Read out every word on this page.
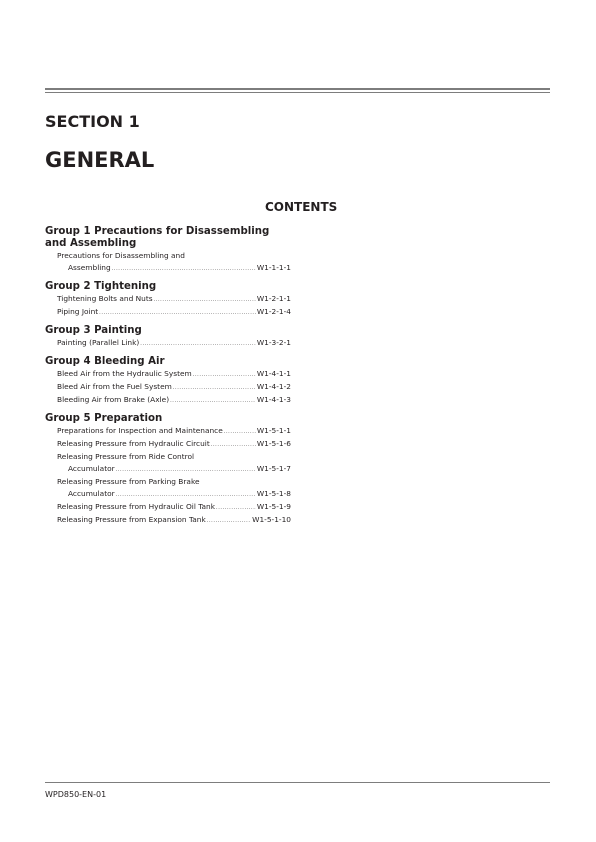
SECTION 1
GENERAL
CONTENTS
Group 1 Precautions for Disassembling and Assembling
Precautions for Disassembling and
Assembling .....	W1-1-1-1
Group 2 Tightening
Tightening Bolts and Nuts .....	W1-2-1-1
Piping Joint .....	W1-2-1-4
Group 3 Painting
Painting (Parallel Link) .....	W1-3-2-1
Group 4 Bleeding Air
Bleed Air from the Hydraulic System .....	W1-4-1-1
Bleed Air from the Fuel System .....	W1-4-1-2
Bleeding Air from Brake (Axle) .....	W1-4-1-3
Group 5 Preparation
Preparations for Inspection and Maintenance .....	W1-5-1-1
Releasing Pressure from Hydraulic Circuit .....	W1-5-1-6
Releasing Pressure from Ride Control
Accumulator .....	W1-5-1-7
Releasing Pressure from Parking Brake
Accumulator .....	W1-5-1-8
Releasing Pressure from Hydraulic Oil Tank .....	W1-5-1-9
Releasing Pressure from Expansion Tank .....	W1-5-1-10
WPD850-EN-01
